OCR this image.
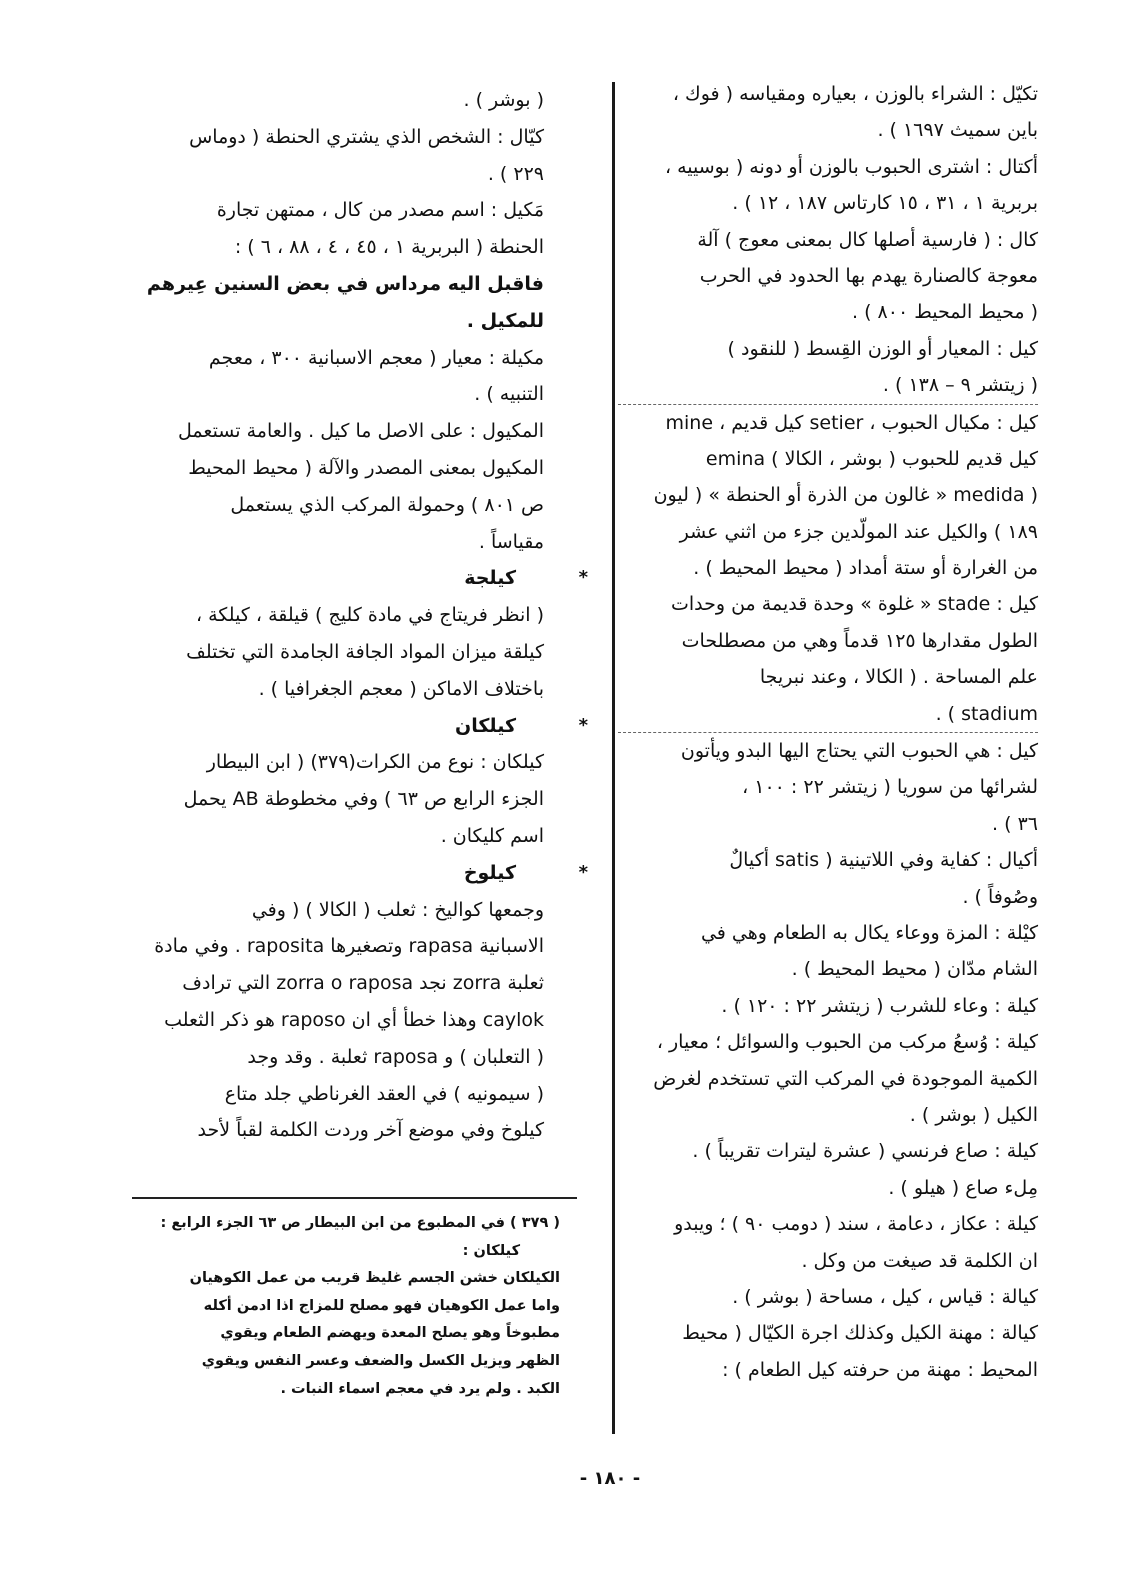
تكيّل : الشراء بالوزن ، بعياره ومقياسه ( فوك ،
باين سميث ١٦٩٧ ) .
أكتال : اشترى الحبوب بالوزن أو دونه ( بوسييه ،
بربرية ١ ، ٣١ ، ١٥ كارتاس ١٨٧ ، ١٢ ) .
كال : ( فارسية أصلها كال بمعنى معوج ) آلة
معوجة كالصنارة يهدم بها الحدود في الحرب
( محيط المحيط ٨٠٠ ) .
كيل : المعيار أو الوزن القِسط ( للنقود )
( زيتشر ٩ – ١٣٨ ) .
كيل : مكيال الحبوب ، setier كيل قديم ، mine
كيل قديم للحبوب ( بوشر ، الكالا ) emina
( medida « غالون من الذرة أو الحنطة » ( ليون
١٨٩ ) والكيل عند المولّدين جزء من اثني عشر
من الغرارة أو ستة أمداد ( محيط المحيط ) .
كيل : stade « غلوة » وحدة قديمة من وحدات
الطول مقدارها ١٢٥ قدماً وهي من مصطلحات
علم المساحة . ( الكالا ، وعند نبريجا
stadium ) .
كيل : هي الحبوب التي يحتاج اليها البدو ويأتون
لشرائها من سوريا ( زيتشر ٢٢ : ١٠٠ ،
٣٦ ) .
أكيال : كفاية وفي اللاتينية ( satis أكيالٌ
وصُوفاً ) .
كيْلة : المزة ووعاء يكال به الطعام وهي في
الشام مدّان ( محيط المحيط ) .
كيلة : وعاء للشرب ( زيتشر ٢٢ : ١٢٠ ) .
كيلة : وُسعُ مركب من الحبوب والسوائل ؛ معيار ،
الكمية الموجودة في المركب التي تستخدم لغرض
الكيل ( بوشر ) .
كيلة : صاع فرنسي ( عشرة ليترات تقريباً ) .
مِلء صاع ( هيلو ) .
كيلة : عكاز ، دعامة ، سند ( دومب ٩٠ ) ؛ ويبدو
ان الكلمة قد صيغت من وكل .
كيالة : قياس ، كيل ، مساحة ( بوشر ) .
كيالة : مهنة الكيل وكذلك اجرة الكيّال ( محيط
المحيط : مهنة من حرفته كيل الطعام ) :
( بوشر ) .
كيّال : الشخص الذي يشتري الحنطة ( دوماس
٢٢٩ ) .
مَكيل : اسم مصدر من كال ، ممتهن تجارة
الحنطة ( البربرية ١ ، ٤٥ ، ٤ ، ٨٨ ، ٦ ) :
فاقبل اليه مرداس في بعض السنين عِيرهم
للمكيل .
مكيلة : معيار ( معجم الاسبانية ٣٠٠ ، معجم
التنبيه ) .
المكيول : على الاصل ما كيل . والعامة تستعمل
المكيول بمعنى المصدر والآلة ( محيط المحيط
ص ٨٠١ ) وحمولة المركب الذي يستعمل
مقياساً .
*
كيلجة
( انظر فريتاج في مادة كليج ) قيلقة ، كيلكة ،
كيلقة ميزان المواد الجافة الجامدة التي تختلف
باختلاف الاماكن ( معجم الجغرافيا ) .
*
كيلكان
كيلكان : نوع من الكرات(٣٧٩) ( ابن البيطار
الجزء الرابع ص ٦٣ ) وفي مخطوطة AB يحمل
اسم كليكان .
*
كيلوخ
وجمعها كواليخ : ثعلب ( الكالا ) ( وفي
الاسبانية rapasa وتصغيرها raposita . وفي مادة
ثعلبة zorra نجد zorra o raposa التي ترادف
caylok وهذا خطأ أي ان raposo هو ذكر الثعلب
( التعلبان ) و raposa ثعلبة . وقد وجد
( سيمونيه ) في العقد الغرناطي جلد متاع
كيلوخ وفي موضع آخر وردت الكلمة لقباً لأحد
( ٣٧٩ ) في المطبوع من ابن البيطار ص ٦٣ الجزء الرابع :
كيلكان :
الكيلكان خشن الجسم غليظ قريب من عمل الكوهيان
واما عمل الكوهيان فهو مصلح للمزاج اذا ادمن أكله
مطبوخاً وهو يصلح المعدة ويهضم الطعام ويقوي
الظهر ويزيل الكسل والضعف وعسر النفس ويقوي
الكبد . ولم يرد في معجم اسماء النبات .
- ١٨٠ -
